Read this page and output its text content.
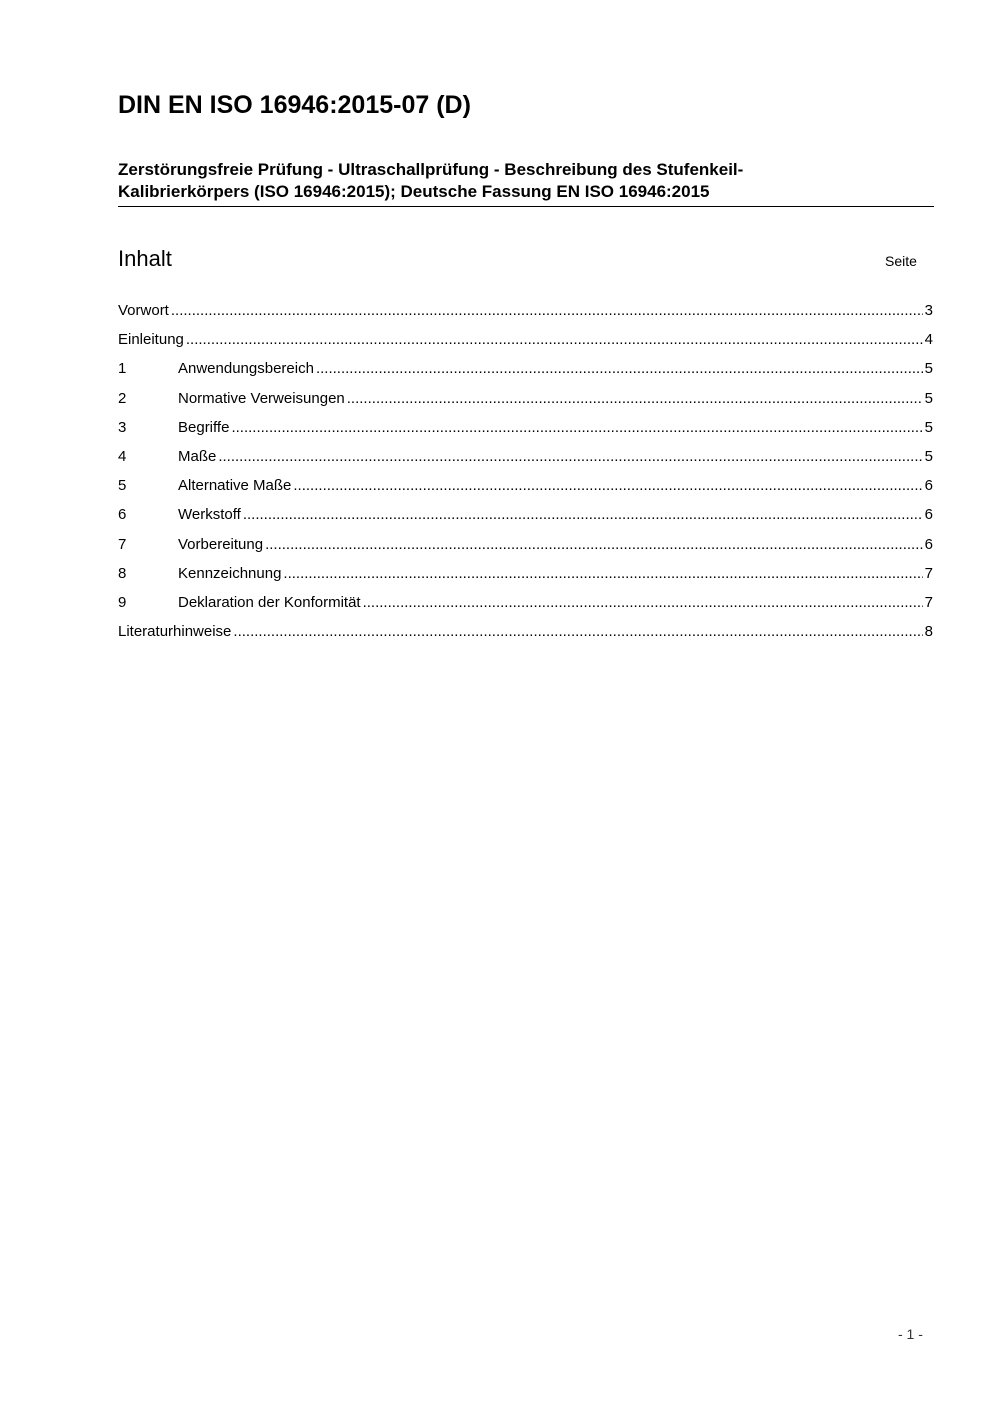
DIN EN ISO 16946:2015-07 (D)
Zerstörungsfreie Prüfung - Ultraschallprüfung - Beschreibung des Stufenkeil-
Kalibrierkörpers (ISO 16946:2015); Deutsche Fassung EN ISO 16946:2015
Inhalt	Seite
Vorwort .....	3
Einleitung .....	4
1	Anwendungsbereich .....	5
2	Normative Verweisungen .....	5
3	Begriffe .....	5
4	Maße .....	5
5	Alternative Maße .....	6
6	Werkstoff .....	6
7	Vorbereitung .....	6
8	Kennzeichnung .....	7
9	Deklaration der Konformität .....	7
Literaturhinweise .....	8
- 1 -
